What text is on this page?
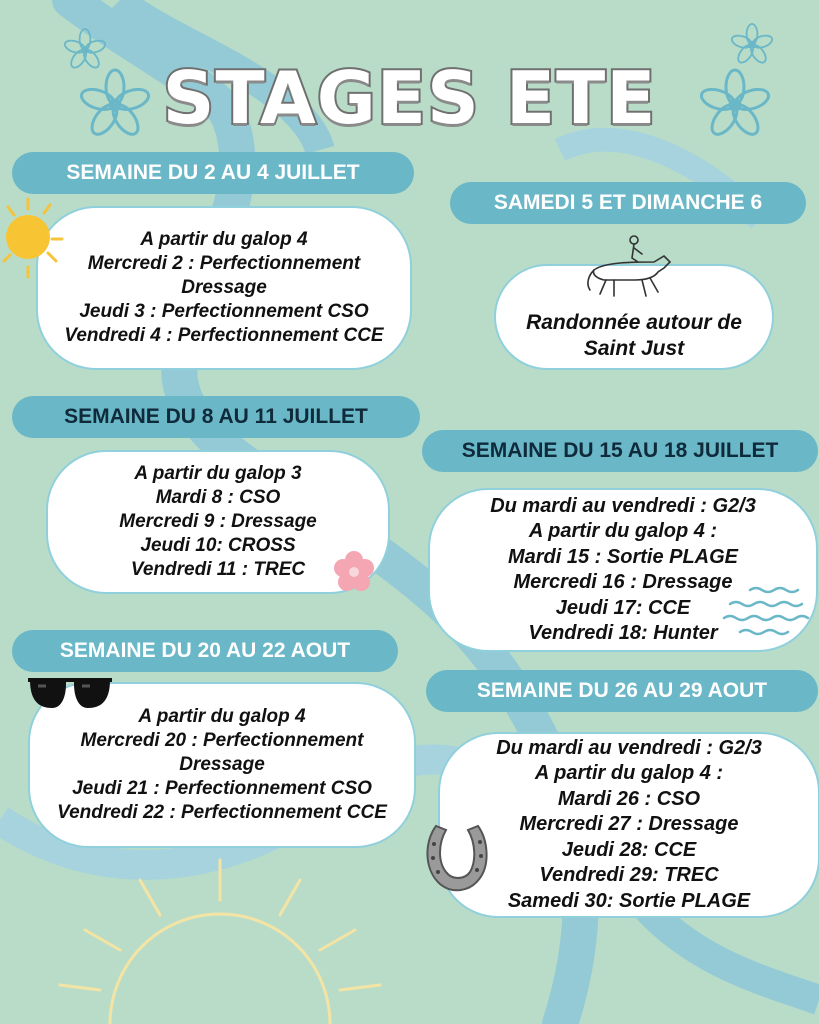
STAGES ETE
SEMAINE DU 2 AU 4 JUILLET
A partir du galop 4
Mercredi 2 : Perfectionnement
Dressage
Jeudi 3 : Perfectionnement CSO
Vendredi 4 : Perfectionnement CCE
SAMEDI 5 ET DIMANCHE 6
Randonnée autour de
Saint Just
SEMAINE DU 8 AU 11 JUILLET
A partir du galop 3
Mardi 8 : CSO
Mercredi 9 : Dressage
Jeudi 10: CROSS
Vendredi 11 : TREC
SEMAINE DU 15 AU 18 JUILLET
Du mardi au vendredi : G2/3
A partir du galop 4 :
Mardi 15 : Sortie PLAGE
Mercredi 16 : Dressage
Jeudi 17: CCE
Vendredi 18: Hunter
SEMAINE DU 20 AU 22 AOUT
A partir du galop 4
Mercredi 20 : Perfectionnement
Dressage
Jeudi 21 : Perfectionnement CSO
Vendredi 22 : Perfectionnement CCE
SEMAINE DU 26 AU 29 AOUT
Du mardi au vendredi : G2/3
A partir du galop 4 :
Mardi 26 : CSO
Mercredi 27 : Dressage
Jeudi 28: CCE
Vendredi 29: TREC
Samedi 30: Sortie PLAGE
